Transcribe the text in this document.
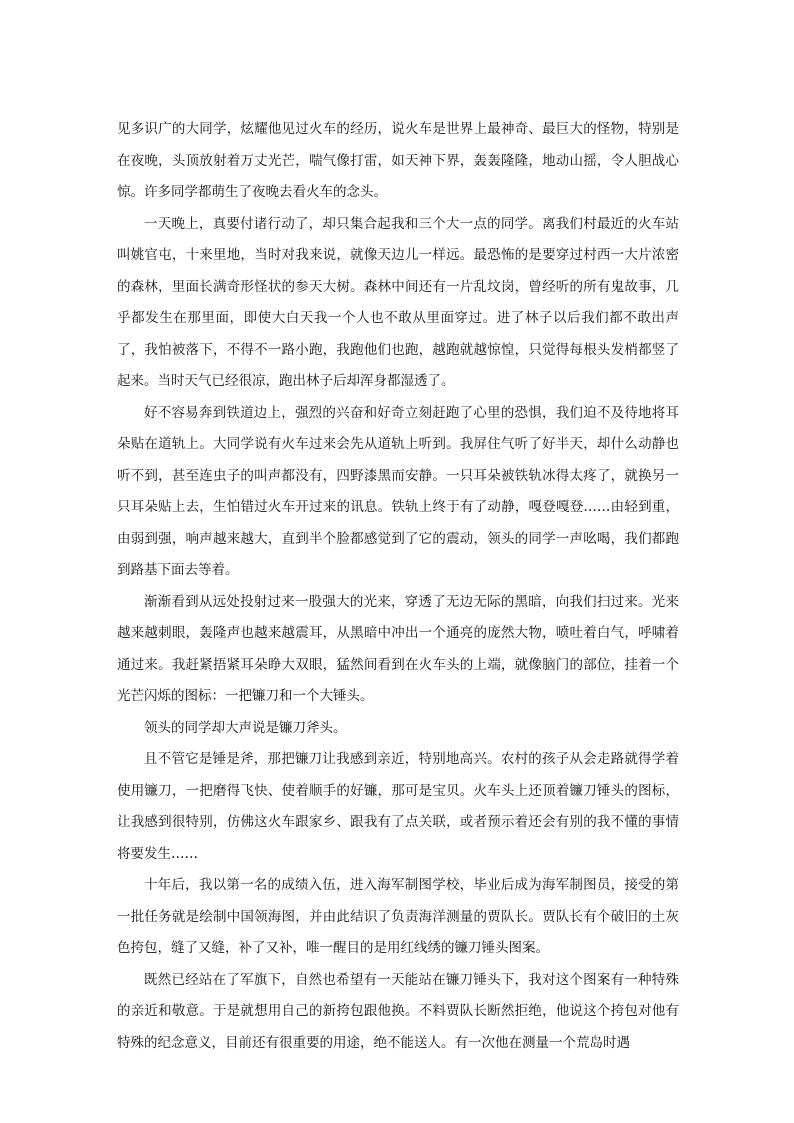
见多识广的大同学，炫耀他见过火车的经历，说火车是世界上最神奇、最巨大的怪物，特别是在夜晚，头顶放射着万丈光芒，喘气像打雷，如天神下界，轰轰隆隆，地动山摇，令人胆战心惊。许多同学都萌生了夜晚去看火车的念头。

一天晚上，真要付诸行动了，却只集合起我和三个大一点的同学。离我们村最近的火车站叫姚官屯，十来里地，当时对我来说，就像天边儿一样远。最恐怖的是要穿过村西一大片浓密的森林，里面长满奇形怪状的参天大树。森林中间还有一片乱坟岗，曾经听的所有鬼故事，几乎都发生在那里面，即使大白天我一个人也不敢从里面穿过。进了林子以后我们都不敢出声了，我怕被落下，不得不一路小跑，我跑他们也跑，越跑就越惊惶，只觉得每根头发梢都竖了起来。当时天气已经很凉，跑出林子后却浑身都湿透了。

好不容易奔到铁道边上，强烈的兴奋和好奇立刻赶跑了心里的恐惧，我们迫不及待地将耳朵贴在道轨上。大同学说有火车过来会先从道轨上听到。我屏住气听了好半天，却什么动静也听不到，甚至连虫子的叫声都没有，四野漆黑而安静。一只耳朵被铁轨冰得太疼了，就换另一只耳朵贴上去，生怕错过火车开过来的讯息。铁轨上终于有了动静，嘎登嘎登……由轻到重，由弱到强，响声越来越大，直到半个脸都感觉到了它的震动，领头的同学一声吆喝，我们都跑到路基下面去等着。

渐渐看到从远处投射过来一股强大的光来，穿透了无边无际的黑暗，向我们扫过来。光来越来越刺眼，轰隆声也越来越震耳，从黑暗中冲出一个通亮的庞然大物，喷吐着白气，呼啸着通过来。我赶紧捂紧耳朵睁大双眼，猛然间看到在火车头的上端，就像脑门的部位，挂着一个光芒闪烁的图标：一把镰刀和一个大锤头。

领头的同学却大声说是镰刀斧头。

且不管它是锤是斧，那把镰刀让我感到亲近，特别地高兴。农村的孩子从会走路就得学着使用镰刀，一把磨得飞快、使着顺手的好镰，那可是宝贝。火车头上还顶着镰刀锤头的图标，让我感到很特别，仿佛这火车跟家乡、跟我有了点关联，或者预示着还会有别的我不懂的事情将要发生……

十年后，我以第一名的成绩入伍，进入海军制图学校，毕业后成为海军制图员，接受的第一批任务就是绘制中国领海图，并由此结识了负责海洋测量的贾队长。贾队长有个破旧的土灰色挎包，缝了又缝，补了又补，唯一醒目的是用红线绣的镰刀锤头图案。

既然已经站在了军旗下，自然也希望有一天能站在镰刀锤头下，我对这个图案有一种特殊的亲近和敬意。于是就想用自己的新挎包跟他换。不料贾队长断然拒绝，他说这个挎包对他有特殊的纪念意义，目前还有很重要的用途，绝不能送人。有一次他在测量一个荒岛时遇
